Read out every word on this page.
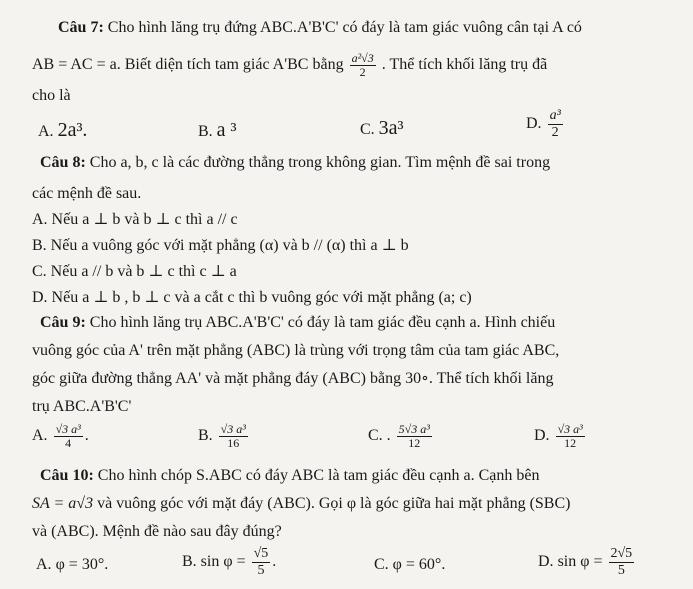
Câu 7: Cho hình lăng trụ đứng ABC.A'B'C' có đáy là tam giác vuông cân tại A có
AB = AC = a. Biết diện tích tam giác A'BC bằng $\frac{\text{a²√3}}{2}$ . Thể tích khối lăng trụ đã
cho là
A. 2a³.	B. a ³	C. 3a³	D. $\frac{\text{a³}}{2}$
Câu 8: Cho a, b, c là các đường thẳng trong không gian. Tìm mệnh đề sai trong
các mệnh đề sau.
A. Nếu a ⊥ b và b ⊥ c thì a // c
B. Nếu a vuông góc với mặt phẳng (α) và b // (α) thì a ⊥ b
C. Nếu a // b và b ⊥ c thì c ⊥ a
D. Nếu a ⊥ b , b ⊥ c và a cắt c thì b vuông góc với mặt phẳng (a; c)
Câu 9: Cho hình lăng trụ ABC.A'B'C' có đáy là tam giác đều cạnh a. Hình chiếu
vuông góc của A' trên mặt phẳng (ABC) là trùng với trọng tâm của tam giác ABC,
góc giữa đường thẳng AA' và mặt phẳng đáy (ABC) bằng 30∘. Thể tích khối lăng
trụ ABC.A'B'C'
A. $\frac{\text{√3 a³}}{4}$ .	B. $\frac{\text{√3 a³}}{16}$	C. . $\frac{\text{5√3 a³}}{12}$	D. $\frac{\text{√3 a³}}{12}$
Câu 10: Cho hình chóp S.ABC có đáy ABC là tam giác đều cạnh a. Cạnh bên
SA = a√3 và vuông góc với mặt đáy (ABC). Gọi φ là góc giữa hai mặt phẳng (SBC)
và (ABC). Mệnh đề nào sau đây đúng?
A. φ = 30°.	B. $\sin \varphi = \frac{√5}{5}$ .	C. φ = 60°.	D. $\sin \varphi = \frac{2√5}{5}$
